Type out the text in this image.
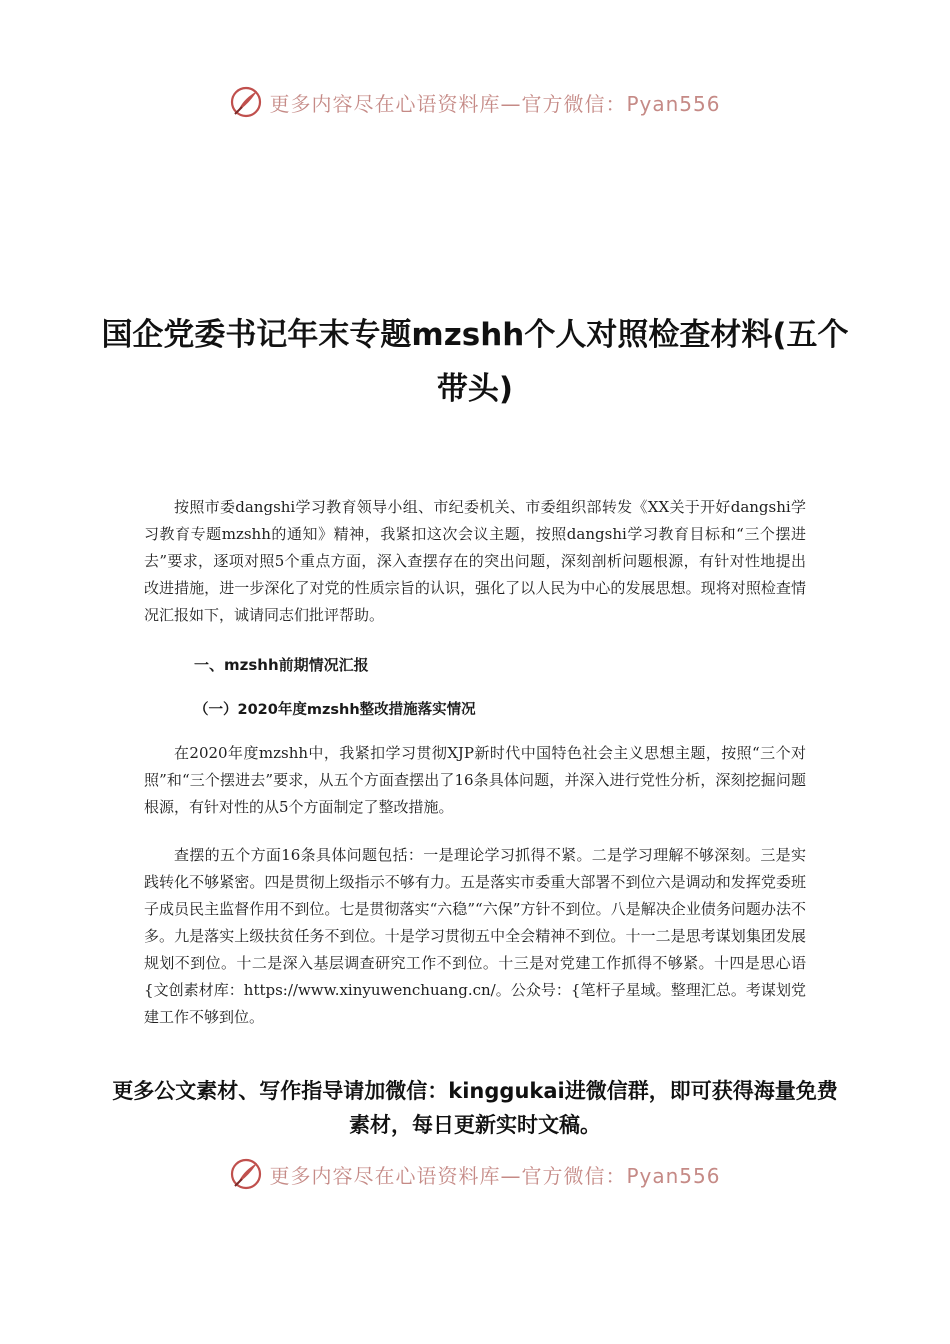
更多内容尽在心语资料库—官方微信：Pyan556
国企党委书记年末专题mzshh个人对照检查材料(五个带头)

按照市委dangshi学习教育领导小组、市纪委机关、市委组织部转发《XX关于开好dangshi学习教育专题mzshh的通知》精神，我紧扣这次会议主题，按照dangshi学习教育目标和“三个摆进去”要求，逐项对照5个重点方面，深入查摆存在的突出问题，深刻剖析问题根源，有针对性地提出改进措施，进一步深化了对党的性质宗旨的认识，强化了以人民为中心的发展思想。现将对照检查情况汇报如下，诚请同志们批评帮助。

一、mzshh前期情况汇报
（一）2020年度mzshh整改措施落实情况

在2020年度mzshh中，我紧扣学习贯彻XJP新时代中国特色社会主义思想主题，按照“三个对照”和“三个摆进去”要求，从五个方面查摆出了16条具体问题，并深入进行党性分析，深刻挖掘问题根源，有针对性的从5个方面制定了整改措施。

查摆的五个方面16条具体问题包括：一是理论学习抓得不紧。二是学习理解不够深刻。三是实践转化不够紧密。四是贯彻上级指示不够有力。五是落实市委重大部署不到位六是调动和发挥党委班子成员民主监督作用不到位。七是贯彻落实“六稳”“六保”方针不到位。八是解决企业债务问题办法不多。九是落实上级扶贫任务不到位。十是学习贯彻五中全会精神不到位。十一二是思考谋划集团发展规划不到位。十二是深入基层调查研究工作不到位。十三是对党建工作抓得不够紧。十四是思心语{文创素材库：https://www.xinyuwenchuang.cn/。公众号：{笔杆子星域。整理汇总。考谋划党建工作不够到位。

更多公文素材、写作指导请加微信：kinggukai进微信群，即可获得海量免费素材，每日更新实时文稿。
更多内容尽在心语资料库—官方微信：Pyan556
